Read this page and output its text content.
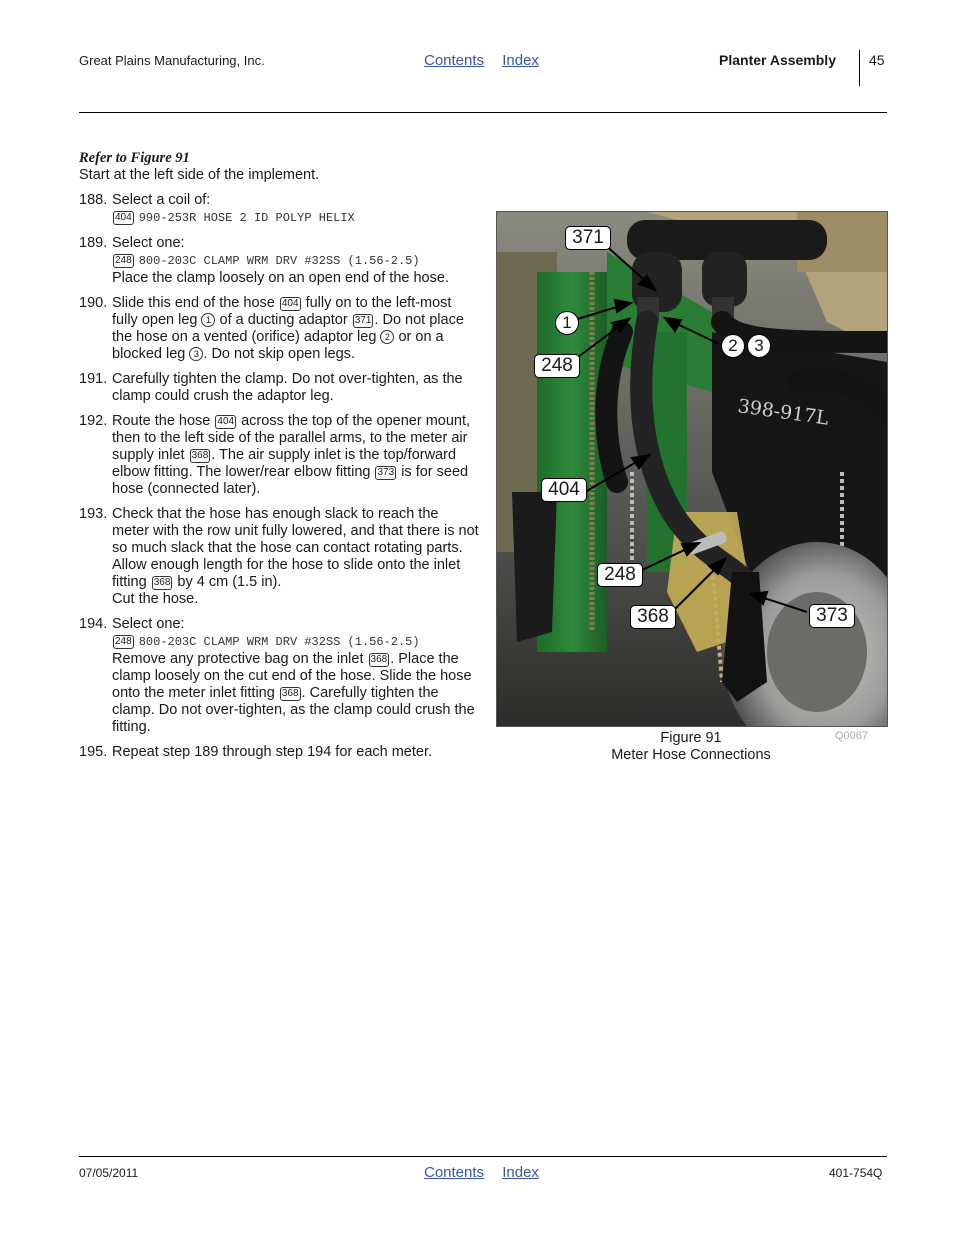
Great Plains Manufacturing, Inc.	Contents Index	Planter Assembly 45
Refer to Figure 91
Start at the left side of the implement.
188. Select a coil of:
404 990-253R HOSE 2 ID POLYP HELIX
189. Select one:
248 800-203C CLAMP WRM DRV #32SS (1.56-2.5)
Place the clamp loosely on an open end of the hose.
190. Slide this end of the hose 404 fully on to the left-most fully open leg 1 of a ducting adaptor 371 . Do not place the hose on a vented (orifice) adaptor leg 2 or on a blocked leg 3 . Do not skip open legs.
191. Carefully tighten the clamp. Do not over-tighten, as the clamp could crush the adaptor leg.
192. Route the hose 404 across the top of the opener mount, then to the left side of the parallel arms, to the meter air supply inlet 368 . The air supply inlet is the top/forward elbow fitting. The lower/rear elbow fitting 373 is for seed hose (connected later).
193. Check that the hose has enough slack to reach the meter with the row unit fully lowered, and that there is not so much slack that the hose can contact rotating parts. Allow enough length for the hose to slide onto the inlet fitting 368 by 4 cm (1.5 in).
Cut the hose.
194. Select one:
248 800-203C CLAMP WRM DRV #32SS (1.56-2.5)
Remove any protective bag on the inlet 368 . Place the clamp loosely on the cut end of the hose. Slide the hose onto the meter inlet fitting 368 . Carefully tighten the clamp. Do not over-tighten, as the clamp could crush the fitting.
195. Repeat step 189 through step 194 for each meter.
398-917L
371
1
248
2 3
404
248
368	373
Figure 91
Meter Hose Connections
Q0067
07/05/2011	Contents Index	401-754Q
